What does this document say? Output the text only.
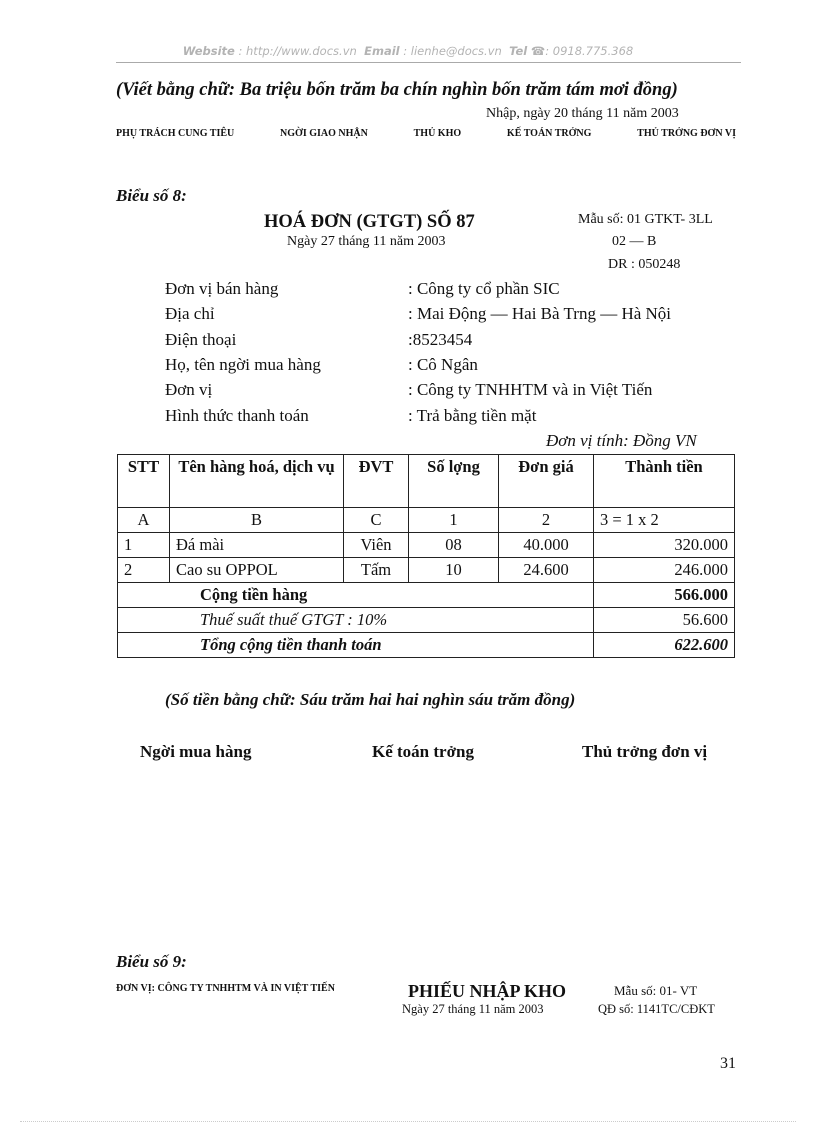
Website : http://www.docs.vn Email : lienhe@docs.vn Tel ☎: 0918.775.368
(Viết bằng chữ: Ba triệu bốn trăm ba chín nghìn bốn trăm tám mơi đồng)
Nhập, ngày 20 tháng 11 năm 2003
PHỤ TRÁCH CUNG TIÊU	NGỜI GIAO NHẬN	THỦ KHO	KẾ TOÁN TRỞNG	THỦ TRỞNG ĐƠN VỊ
Biểu số 8:
HOÁ ĐƠN (GTGT) SỐ 87
Ngày 27 tháng 11 năm 2003
Mẫu số: 01 GTKT- 3LL
02 — B
DR : 050248
Đơn vị bán hàng	: Công ty cổ phần SIC
Địa chỉ	: Mai Động — Hai Bà Trng — Hà Nội
Điện thoại	:8523454
Họ, tên ngời mua hàng	: Cô Ngân
Đơn vị	: Công ty TNHHTM và in Việt Tiến
Hình thức thanh toán	: Trả bằng tiền mặt
Đơn vị tính: Đồng VN
STT	Tên hàng hoá, dịch vụ	ĐVT	Số lợng	Đơn giá	Thành tiền
A	B	C	1	2	3 = 1 x 2
1	Đá mài	Viên	08	40.000	320.000
2	Cao su OPPOL	Tấm	10	24.600	246.000
Cộng tiền hàng					566.000
Thuế suất thuế GTGT : 10%					56.600
Tổng cộng tiền thanh toán					622.600
(Số tiền bằng chữ: Sáu trăm hai hai nghìn sáu trăm đồng)
Ngời mua hàng	Kế toán trởng	Thủ trởng đơn vị
Biểu số 9:
ĐƠN VỊ: CÔNG TY TNHHTM VÀ IN VIỆT TIẾN	PHIẾU NHẬP KHO
Ngày 27 tháng 11 năm 2003
Mẫu số: 01- VT
QĐ số: 1141TC/CĐKT
31
